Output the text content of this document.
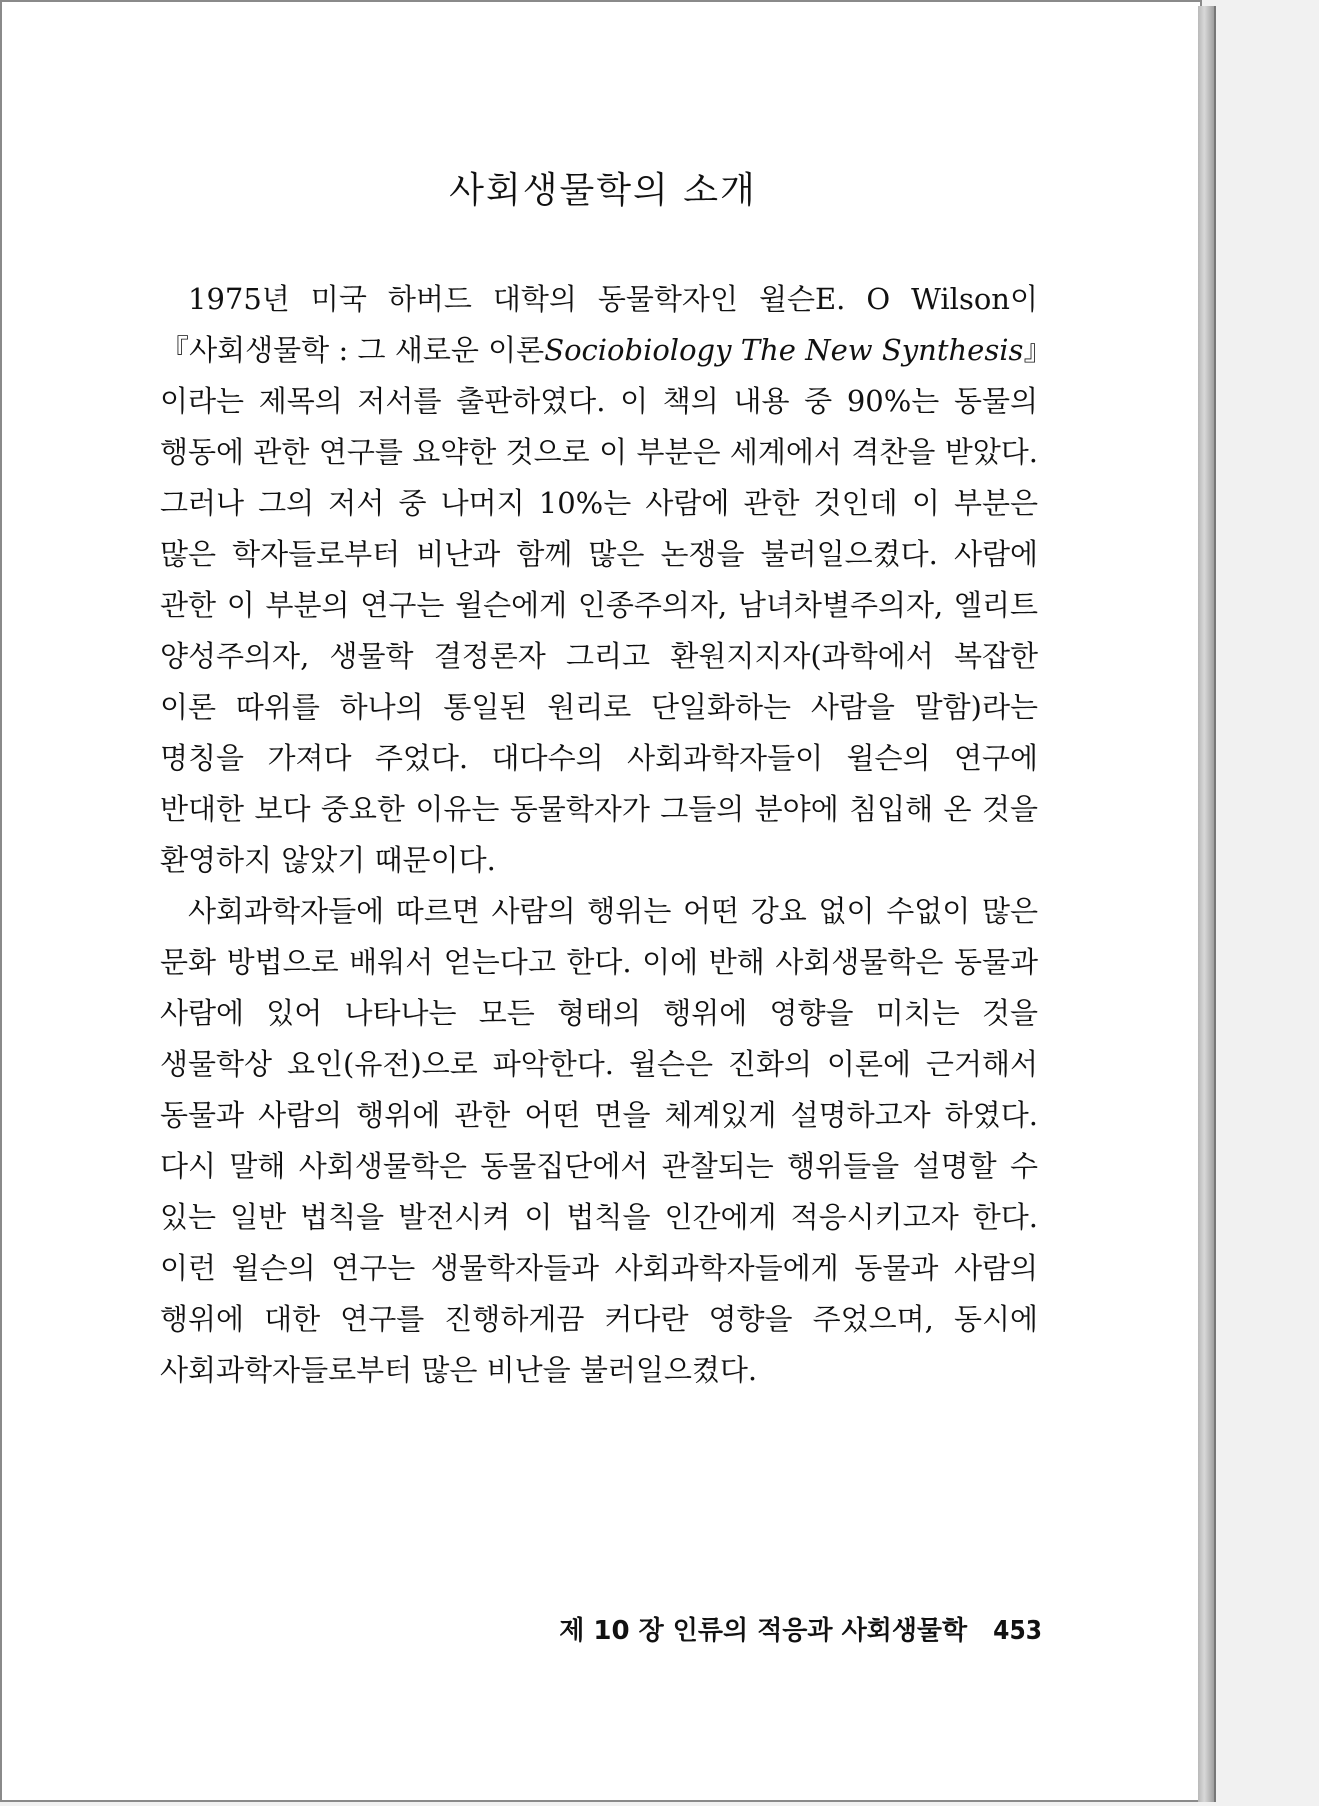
사회생물학의 소개

1975년 미국 하버드 대학의 동물학자인 윌슨E. O Wilson이 『사회생물학 : 그 새로운 이론Sociobiology The New Synthesis』이라는 제목의 저서를 출판하였다. 이 책의 내용 중 90%는 동물의 행동에 관한 연구를 요약한 것으로 이 부분은 세계에서 격찬을 받았다. 그러나 그의 저서 중 나머지 10%는 사람에 관한 것인데 이 부분은 많은 학자들로부터 비난과 함께 많은 논쟁을 불러일으켰다. 사람에 관한 이 부분의 연구는 윌슨에게 인종주의자, 남녀차별주의자, 엘리트 양성주의자, 생물학 결정론자 그리고 환원지지자(과학에서 복잡한 이론 따위를 하나의 통일된 원리로 단일화하는 사람을 말함)라는 명칭을 가져다 주었다. 대다수의 사회과학자들이 윌슨의 연구에 반대한 보다 중요한 이유는 동물학자가 그들의 분야에 침입해 온 것을 환영하지 않았기 때문이다.

사회과학자들에 따르면 사람의 행위는 어떤 강요 없이 수없이 많은 문화 방법으로 배워서 얻는다고 한다. 이에 반해 사회생물학은 동물과 사람에 있어 나타나는 모든 형태의 행위에 영향을 미치는 것을 생물학상 요인(유전)으로 파악한다. 윌슨은 진화의 이론에 근거해서 동물과 사람의 행위에 관한 어떤 면을 체계있게 설명하고자 하였다. 다시 말해 사회생물학은 동물집단에서 관찰되는 행위들을 설명할 수 있는 일반 법칙을 발전시켜 이 법칙을 인간에게 적응시키고자 한다. 이런 윌슨의 연구는 생물학자들과 사회과학자들에게 동물과 사람의 행위에 대한 연구를 진행하게끔 커다란 영향을 주었으며, 동시에 사회과학자들로부터 많은 비난을 불러일으켰다.

제 10 장 인류의 적응과 사회생물학 453
